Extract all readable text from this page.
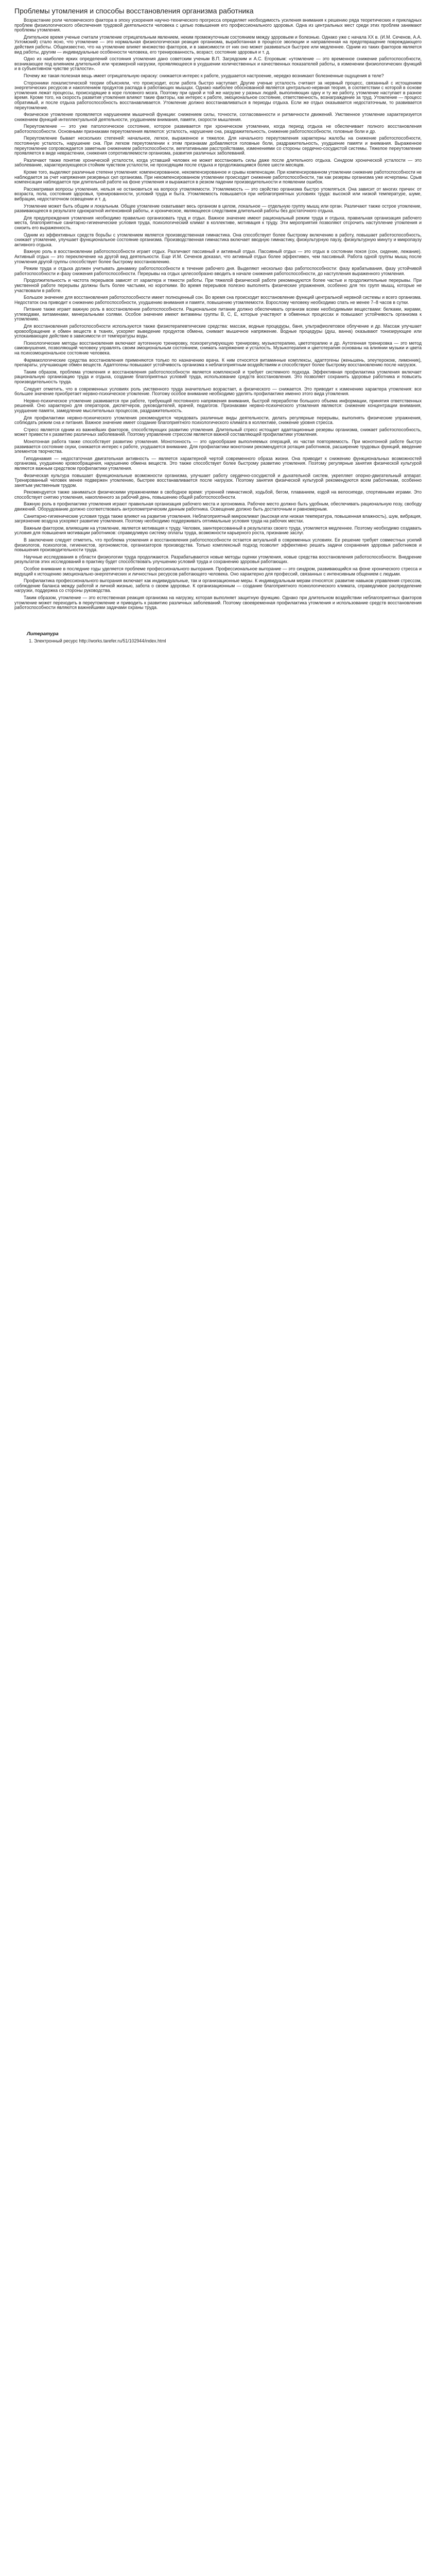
Проблемы утомления и способы восстановления организма работника

Возрастание роли человеческого фактора в эпоху ускорения научно-технического прогресса определяет необходимость усиления внимания к решению ряда теоретических и прикладных проблем физиологического обеспечения трудовой деятельности человека с целью повышения его профессионального здоровья. Одна из центральных мест среди этих проблем занимают проблемы утомления.

Длительное время ученые считали утомление отрицательным явлением, неким промежуточным состоянием между здоровьем и болезнью. Однако уже с начала XX в. (И.М. Сеченов, А.А. Ухтомский) стало ясно, что утомление — это нормальная физиологическая реакция организма, выработанная в процессе эволюции и направленная на предотвращение повреждающего действия работы. Общеизвестно, что на утомление влияет множество факторов, и в зависимости от них оно может развиваться быстрее или медленнее. Одним из таких факторов является вид работы, другим — индивидуальные особенности человека, его тренированность, возраст, состояние здоровья и т. д.

Одно из наиболее ярких определений состояния утомления дано советским ученым В.П. Загрядским и А.С. Егоровым: «утомление — это временное снижение работоспособности, возникающее под влиянием длительной или чрезмерной нагрузки, проявляющееся в ухудшении количественных и качественных показателей работы, в изменении физиологических функций и в субъективном чувстве усталости».

Почему же такая полезная вещь имеет отрицательную окраску: снижается интерес к работе, ухудшается настроение, нередко возникают болезненные ощущения в теле?

Сторонники локалистической теории объясняли, что происходит, если работа быстро наступает. Другие ученые усталость считают за нервный процесс, связанный с истощением энергетических ресурсов и накоплением продуктов распада в работающих мышцах. Однако наиболее обоснованной является центрально-нервная теория, в соответствии с которой в основе утомления лежат процессы, происходящие в коре головного мозга. Поэтому при одной и той же нагрузке у разных людей, выполняющих одну и ту же работу, утомление наступает в разное время. Кроме того, на скорость развития утомления влияют такие факторы, как интерес к работе, эмоциональное состояние, ответственность, вознаграждение за труд. Утомление — процесс обратимый, и после отдыха работоспособность восстанавливается. Утомление должно восстанавливаться в периоды отдыха. Если же отдых оказывается недостаточным, то развивается переутомление.

Физическое утомление проявляется нарушением мышечной функции: снижением силы, точности, согласованности и ритмичности движений. Умственное утомление характеризуется снижением функций интеллектуальной деятельности, ухудшением внимания, памяти, скорости мышления.

Переутомление — это уже патологическое состояние, которое развивается при хроническом утомлении, когда период отдыха не обеспечивает полного восстановления работоспособности. Основными признаками переутомления являются: усталость, нарушение сна, раздражительность, снижение работоспособности, головные боли и др.

Переутомление бывает нескольких степеней: начальное, легкое, выраженное и тяжелое. Для начального переутомления характерны жалобы на снижение работоспособности, постоянную усталость, нарушение сна. При легком переутомлении к этим признакам добавляются головные боли, раздражительность, ухудшение памяти и внимания. Выраженное переутомление сопровождается заметным снижением работоспособности, вегетативными расстройствами, изменениями со стороны сердечно-сосудистой системы. Тяжелое переутомление проявляется в виде неврастении, снижения сопротивляемости организма, развития различных заболеваний.

Различают также понятие хронической усталости, когда уставший человек не может восстановить силы даже после длительного отдыха. Синдром хронической усталости — это заболевание, характеризующееся стойким чувством усталости, не проходящим после отдыха и продолжающимся более шести месяцев.

Кроме того, выделяют различные степени утомления: компенсированное, некомпенсированное и срывы компенсации. При компенсированном утомлении снижение работоспособности не наблюдается за счет напряжения резервных сил организма. При некомпенсированном утомлении происходит снижение работоспособности, так как резервы организма уже исчерпаны. Срыв компенсации наблюдается при длительной работе на фоне утомления и выражается в резком падении производительности и появлении ошибок.

Рассматривая вопросы утомления, нельзя не остановиться на вопросе утомляемости. Утомляемость — это свойство организма быстро утомляться. Она зависит от многих причин: от возраста, пола, состояния здоровья, тренированности, условий труда и быта. Утомляемость повышается при неблагоприятных условиях труда: высокой или низкой температуре, шуме, вибрации, недостаточном освещении и т. д.

Утомление может быть общим и локальным. Общее утомление охватывает весь организм в целом, локальное — отдельную группу мышц или орган. Различают также острое утомление, развивающееся в результате однократной интенсивной работы, и хроническое, являющееся следствием длительной работы без достаточного отдыха.

Для предупреждения утомления необходимо правильно организовать труд и отдых. Важное значение имеют рациональный режим труда и отдыха, правильная организация рабочего места, благоприятные санитарно-гигиенические условия труда, психологический климат в коллективе, мотивация к труду. Эти мероприятия позволяют отсрочить наступление утомления и снизить его выраженность.

Одним из эффективных средств борьбы с утомлением является производственная гимнастика. Она способствует более быстрому включению в работу, повышает работоспособность, снижает утомление, улучшает функциональное состояние организма. Производственная гимнастика включает вводную гимнастику, физкультурную паузу, физкультурную минуту и микропаузу активного отдыха.

Важную роль в восстановлении работоспособности играет отдых. Различают пассивный и активный отдых. Пассивный отдых — это отдых в состоянии покоя (сон, сидение, лежание). Активный отдых — это переключение на другой вид деятельности. Еще И.М. Сеченов доказал, что активный отдых более эффективен, чем пассивный. Работа одной группы мышц после утомления другой группы способствует более быстрому восстановлению.

Режим труда и отдыха должен учитывать динамику работоспособности в течение рабочего дня. Выделяют несколько фаз работоспособности: фазу врабатывания, фазу устойчивой работоспособности и фазу снижения работоспособности. Перерывы на отдых целесообразно вводить в начале снижения работоспособности, до наступления выраженного утомления.

Продолжительность и частота перерывов зависят от характера и тяжести работы. При тяжелой физической работе рекомендуются более частые и продолжительные перерывы. При умственной работе перерывы должны быть более частыми, но короткими. Во время перерывов полезно выполнять физические упражнения, особенно для тех групп мышц, которые не участвовали в работе.

Большое значение для восстановления работоспособности имеет полноценный сон. Во время сна происходит восстановление функций центральной нервной системы и всего организма. Недостаток сна приводит к снижению работоспособности, ухудшению внимания и памяти, повышению утомляемости. Взрослому человеку необходимо спать не менее 7–8 часов в сутки.

Питание также играет важную роль в восстановлении работоспособности. Рациональное питание должно обеспечивать организм всеми необходимыми веществами: белками, жирами, углеводами, витаминами, минеральными солями. Особое значение имеют витамины группы B, C, E, которые участвуют в обменных процессах и повышают устойчивость организма к утомлению.

Для восстановления работоспособности используются также физиотерапевтические средства: массаж, водные процедуры, баня, ультрафиолетовое облучение и др. Массаж улучшает кровообращение и обмен веществ в тканях, ускоряет выведение продуктов обмена, снимает мышечное напряжение. Водные процедуры (душ, ванна) оказывают тонизирующее или успокаивающее действие в зависимости от температуры воды.

Психологические методы восстановления включают аутогенную тренировку, психорегулирующую тренировку, музыкотерапию, цветотерапию и др. Аутогенная тренировка — это метод самовнушения, позволяющий человеку управлять своим эмоциональным состоянием, снимать напряжение и усталость. Музыкотерапия и цветотерапия основаны на влиянии музыки и цвета на психоэмоциональное состояние человека.

Фармакологические средства восстановления применяются только по назначению врача. К ним относятся витаминные комплексы, адаптогены (женьшень, элеутерококк, лимонник), препараты, улучшающие обмен веществ. Адаптогены повышают устойчивость организма к неблагоприятным воздействиям и способствуют более быстрому восстановлению после нагрузок.

Таким образом, проблема утомления и восстановления работоспособности является комплексной и требует системного подхода. Эффективная профилактика утомления включает рациональную организацию труда и отдыха, создание благоприятных условий труда, использование средств восстановления. Это позволяет сохранить здоровье работника и повысить производительность труда.

Следует отметить, что в современных условиях роль умственного труда значительно возрастает, а физического — снижается. Это приводит к изменению характера утомления: все большее значение приобретает нервно-психическое утомление. Поэтому особое внимание необходимо уделять профилактике именно этого вида утомления.

Нервно-психическое утомление развивается при работе, требующей постоянного напряжения внимания, быстрой переработки большого объема информации, принятия ответственных решений. Оно характерно для операторов, диспетчеров, руководителей, врачей, педагогов. Признаками нервно-психического утомления являются: снижение концентрации внимания, ухудшение памяти, замедление мыслительных процессов, раздражительность.

Для профилактики нервно-психического утомления рекомендуется чередовать различные виды деятельности, делать регулярные перерывы, выполнять физические упражнения, соблюдать режим сна и питания. Важное значение имеет создание благоприятного психологического климата в коллективе, снижение уровня стресса.

Стресс является одним из важнейших факторов, способствующих развитию утомления. Длительный стресс истощает адаптационные резервы организма, снижает работоспособность, может привести к развитию различных заболеваний. Поэтому управление стрессом является важной составляющей профилактики утомления.

Монотонная работа также способствует развитию утомления. Монотонность — это однообразие выполняемых операций, их частая повторяемость. При монотонной работе быстро развивается состояние скуки, снижается интерес к работе, ухудшается внимание. Для профилактики монотонии рекомендуется ротация работников, расширение трудовых функций, введение элементов творчества.

Гиподинамия — недостаточная двигательная активность — является характерной чертой современного образа жизни. Она приводит к снижению функциональных возможностей организма, ухудшению кровообращения, нарушению обмена веществ. Это также способствует более быстрому развитию утомления. Поэтому регулярные занятия физической культурой являются важным средством профилактики утомления.

Физическая культура повышает функциональные возможности организма, улучшает работу сердечно-сосудистой и дыхательной систем, укрепляет опорно-двигательный аппарат. Тренированный человек менее подвержен утомлению, быстрее восстанавливается после нагрузок. Поэтому занятия физической культурой рекомендуются всем работникам, особенно занятым умственным трудом.

Рекомендуется также заниматься физическими упражнениями в свободное время: утренней гимнастикой, ходьбой, бегом, плаванием, ездой на велосипеде, спортивными играми. Это способствует снятию утомления, накопленного за рабочий день, повышению общей работоспособности.

Важную роль в профилактике утомления играют правильная организация рабочего места и эргономика. Рабочее место должно быть удобным, обеспечивать рациональную позу, свободу движений. Оборудование должно соответствовать антропометрическим данным работника. Освещение должно быть достаточным и равномерным.

Санитарно-гигиенические условия труда также влияют на развитие утомления. Неблагоприятный микроклимат (высокая или низкая температура, повышенная влажность), шум, вибрация, загрязнение воздуха ускоряют развитие утомления. Поэтому необходимо поддерживать оптимальные условия труда на рабочих местах.

Важным фактором, влияющим на утомление, является мотивация к труду. Человек, заинтересованный в результатах своего труда, утомляется медленнее. Поэтому необходимо создавать условия для повышения мотивации работников: справедливую систему оплаты труда, возможности карьерного роста, признание заслуг.

В заключение следует отметить, что проблема утомления и восстановления работоспособности остается актуальной в современных условиях. Ее решение требует совместных усилий физиологов, психологов, гигиенистов, эргономистов, организаторов производства. Только комплексный подход позволит эффективно решать задачи сохранения здоровья работников и повышения производительности труда.

Научные исследования в области физиологии труда продолжаются. Разрабатываются новые методы оценки утомления, новые средства восстановления работоспособности. Внедрение результатов этих исследований в практику будет способствовать улучшению условий труда и сохранению здоровья работающих.

Особое внимание в последние годы уделяется проблеме профессионального выгорания. Профессиональное выгорание — это синдром, развивающийся на фоне хронического стресса и ведущий к истощению эмоционально-энергетических и личностных ресурсов работающего человека. Оно характерно для профессий, связанных с интенсивным общением с людьми.

Профилактика профессионального выгорания включает как индивидуальные, так и организационные меры. К индивидуальным мерам относятся: развитие навыков управления стрессом, соблюдение баланса между работой и личной жизнью, забота о своем здоровье. К организационным — создание благоприятного психологического климата, справедливое распределение нагрузки, поддержка со стороны руководства.

Таким образом, утомление — это естественная реакция организма на нагрузку, которая выполняет защитную функцию. Однако при длительном воздействии неблагоприятных факторов утомление может переходить в переутомление и приводить к развитию различных заболеваний. Поэтому своевременная профилактика утомления и использование средств восстановления работоспособности являются важнейшими задачами охраны труда.

Литература
1. Электронный ресурс http://works.tarefer.ru/51/102944/index.html
